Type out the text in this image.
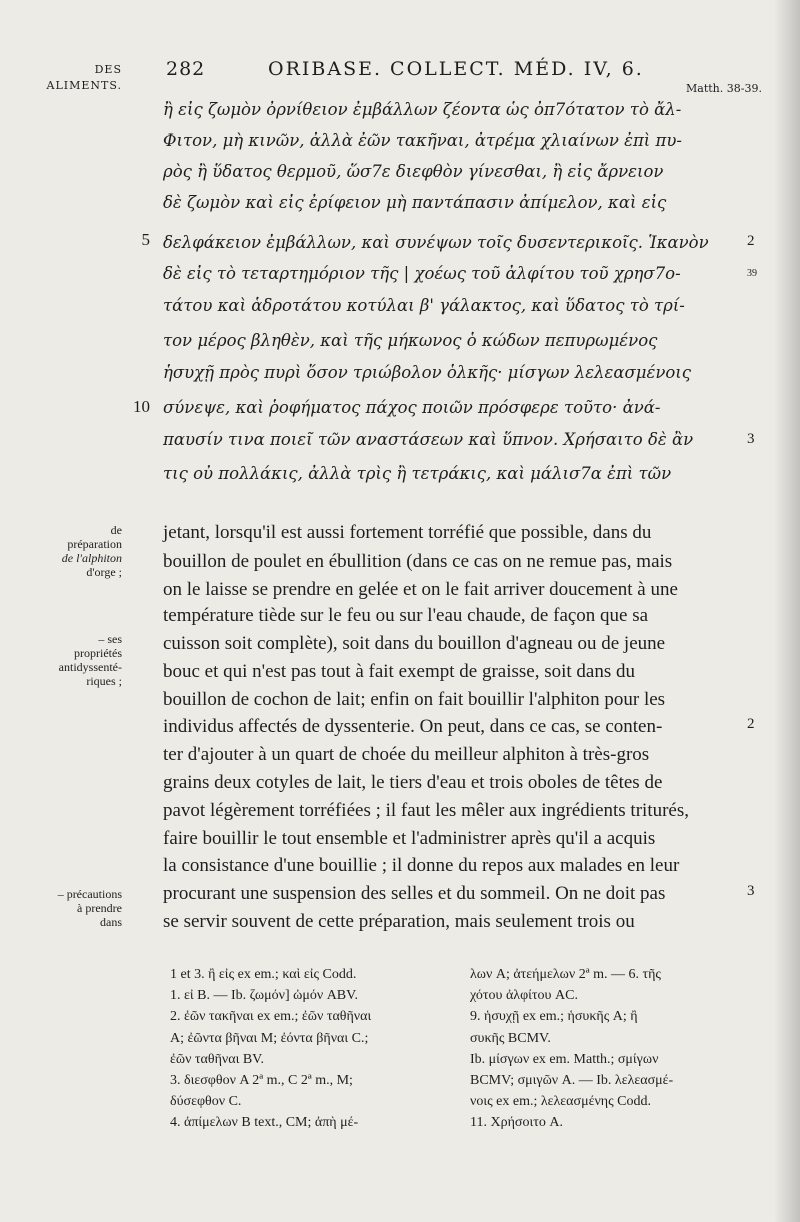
DES
ALIMENTS.
282	ORIBASE. COLLECT. MÉD. IV, 6.
Matth. 38-39.
ἢ εἰς ζωμὸν ὀρνίθειον ἐμβάλλων ζέοντα ὡς ὀπ7ότατον τὸ ἄλ-
Φιτον, μὴ κινῶν, ἀλλὰ ἐῶν τακῆναι, ἀτρέμα χλιαίνων ἐπὶ πυ-
ρὸς ἢ ὕδατος θερμοῦ, ὥσ7ε διεφθὸν γίνεσθαι, ἢ εἰς ἄρνειον
δὲ ζωμὸν καὶ εἰς ἐρίφειον μὴ παντάπασιν ἀπίμελον, καὶ εἰς
δελφάκειον ἐμβάλλων, καὶ συνέψων τοῖς δυσεντερικοῖς. Ἱκανὸν
δὲ εἰς τὸ τεταρτημόριον τῆς | χοέως τοῦ ἀλφίτου τοῦ χρησ7ο-
τάτου καὶ ἁδροτάτου κοτύλαι β' γάλακτος, καὶ ὕδατος τὸ τρί-
τον μέρος βληθὲν, καὶ τῆς μήκωνος ὁ κώδων πεπυρωμένος
ἡσυχῇ πρὸς πυρὶ ὅσον τριώβολον ὁλκῆς· μίσγων λελεασμένοις
σύνεψε, καὶ ῥοφήματος πάχος ποιῶν πρόσφερε τοῦτο· ἀνά-
παυσίν τινα ποιεῖ τῶν αναστάσεων καὶ ὕπνον. Χρήσαιτο δὲ ἂν
τις οὐ πολλάκις, ἀλλὰ τρὶς ἢ τετράκις, καὶ μάλισ7α ἐπὶ τῶν
5
10
2
39
3
de
préparation
de l'alphiton
d'orge ;
– ses
propriétés
antidyssenté-
riques ;
– précautions
à prendre
dans
jetant, lorsqu'il est aussi fortement torréfié que possible, dans du
bouillon de poulet en ébullition (dans ce cas on ne remue pas, mais
on le laisse se prendre en gelée et on le fait arriver doucement à une
température tiède sur le feu ou sur l'eau chaude, de façon que sa
cuisson soit complète), soit dans du bouillon d'agneau ou de jeune
bouc et qui n'est pas tout à fait exempt de graisse, soit dans du
bouillon de cochon de lait; enfin on fait bouillir l'alphiton pour les
individus affectés de dyssenterie. On peut, dans ce cas, se conten-
ter d'ajouter à un quart de choée du meilleur alphiton à très-gros
grains deux cotyles de lait, le tiers d'eau et trois oboles de têtes de
pavot légèrement torréfiées ; il faut les mêler aux ingrédients triturés,
faire bouillir le tout ensemble et l'administrer après qu'il a acquis
la consistance d'une bouillie ; il donne du repos aux malades en leur
procurant une suspension des selles et du sommeil. On ne doit pas
se servir souvent de cette préparation, mais seulement trois ou
2
3
1 et 3. ἢ εἰς ex em.; καὶ εἰς Codd.
1. εἰ B. — Ib. ζωμόν] ὠμόν ABV.
2. ἐῶν τακῆναι ex em.; ἐῶν ταθῆναι
A; ἐῶντα βῆναι M; ἐόντα βῆναι C.;
ἐῶν ταθῆναι BV.
3. διεσφθον A 2ª m., C 2ª m., M;
δύσεφθον C.
4. ἀπίμελων B text., CM; ἀπὴ μέ-
λων A; ἀτεήμελων 2ª m. — 6. τῆς
χότου ἀλφίτου AC.
9. ἡσυχῇ ex em.; ἡσυκῆς A; ἢ
συκῆς BCMV.
Ib. μίσγων ex em. Matth.; σμίγων
BCMV; σμιγῶν A. — Ib. λελεασμέ-
νοις ex em.; λελεασμένης Codd.
11. Χρήσοιτο A.
